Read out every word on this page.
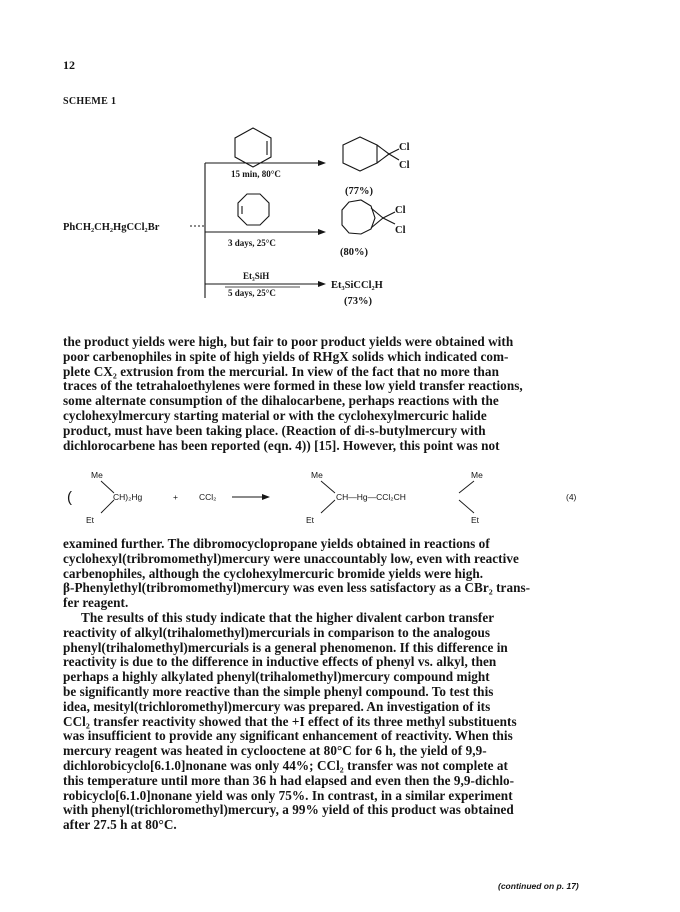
12
SCHEME 1
PhCH₂CH₂HgCCl₂Br
15 min, 80°C
3 days, 25°C
Et₃SiH
5 days, 25°C
Cl
Cl
Cl
Cl
(77%)
(80%)
Et₃SiCCl₂H
(73%)
the product yields were high, but fair to poor product yields were obtained with
poor carbenophiles in spite of high yields of RHgX solids which indicated com-
plete CX₂ extrusion from the mercurial. In view of the fact that no more than
traces of the tetrahaloethylenes were formed in these low yield transfer reactions,
some alternate consumption of the dihalocarbene, perhaps reactions with the
cyclohexylmercury starting material or with the cyclohexylmercuric halide
product, must have been taking place. (Reaction of di-s-butylmercury with
dichlorocarbene has been reported (eqn. 4)) [15]. However, this point was not
Me
Et
(	CH)₂Hg	+ CCl₂
Me
Et
CH—Hg—CCl₂CH
Me
Et
(4)
examined further. The dibromocyclopropane yields obtained in reactions of
cyclohexyl(tribromomethyl)mercury were unaccountably low, even with reactive
carbenophiles, although the cyclohexylmercuric bromide yields were high.
β-Phenylethyl(tribromomethyl)mercury was even less satisfactory as a CBr₂ trans-
fer reagent.
The results of this study indicate that the higher divalent carbon transfer
reactivity of alkyl(trihalomethyl)mercurials in comparison to the analogous
phenyl(trihalomethyl)mercurials is a general phenomenon. If this difference in
reactivity is due to the difference in inductive effects of phenyl vs. alkyl, then
perhaps a highly alkylated phenyl(trihalomethyl)mercury compound might
be significantly more reactive than the simple phenyl compound. To test this
idea, mesityl(trichloromethyl)mercury was prepared. An investigation of its
CCl₂ transfer reactivity showed that the +I effect of its three methyl substituents
was insufficient to provide any significant enhancement of reactivity. When this
mercury reagent was heated in cyclooctene at 80°C for 6 h, the yield of 9,9-
dichlorobicyclo[6.1.0]nonane was only 44%; CCl₂ transfer was not complete at
this temperature until more than 36 h had elapsed and even then the 9,9-dichlo-
robicyclo[6.1.0]nonane yield was only 75%. In contrast, in a similar experiment
with phenyl(trichloromethyl)mercury, a 99% yield of this product was obtained
after 27.5 h at 80°C.
(continued on p. 17)
